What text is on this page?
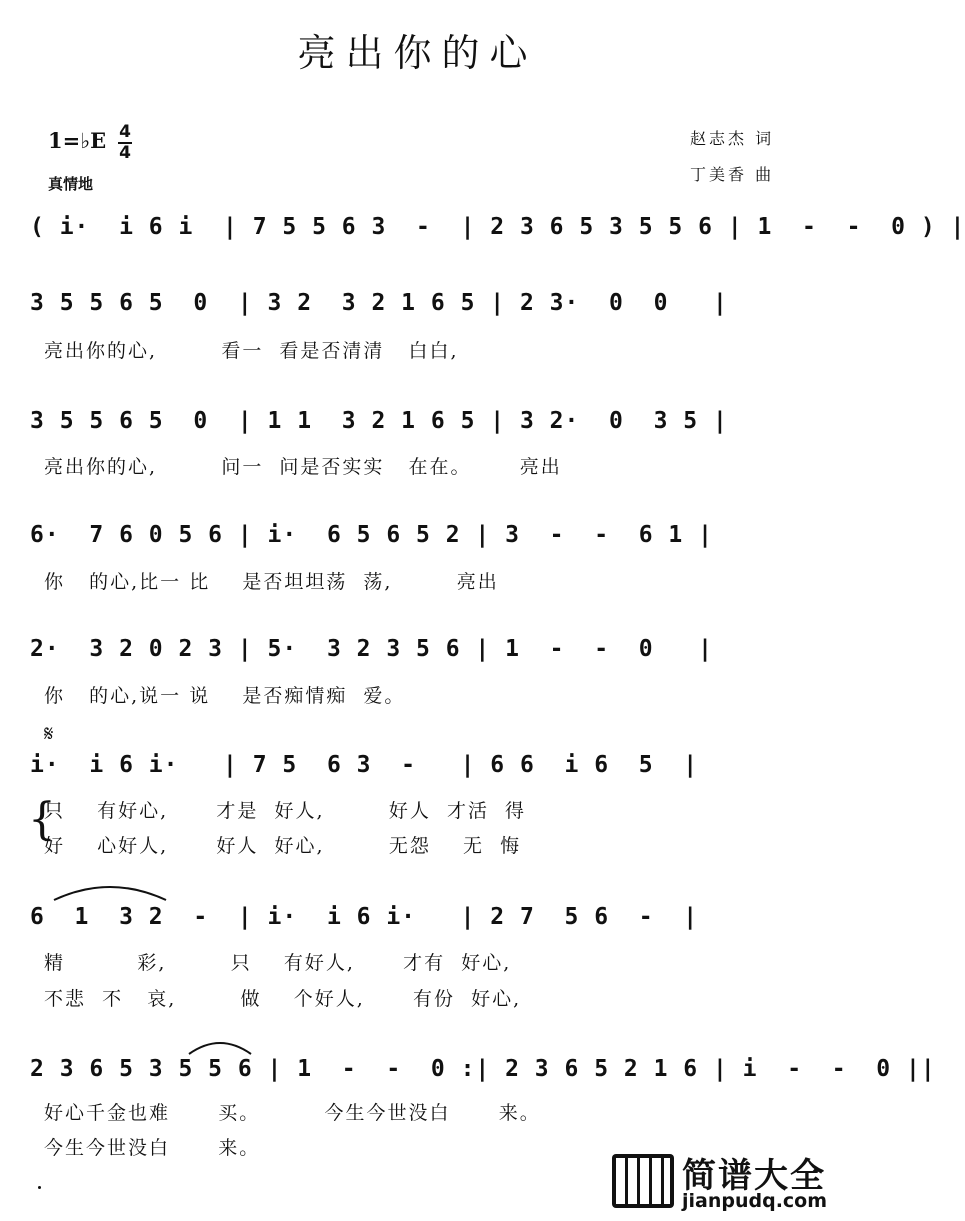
亮出你的心
1=♭E 4
4
真情地
赵志杰 词
丁美香 曲
( i·  i 6 i  | 7 5 5 6 3  -  | 2 3 6 5 3 5 5 6 | 1  -  -  0 ) |
3 5 5 6 5  0  | 3 2  3 2 1 6 5 | 2 3·  0  0   |
亮出你的心,        看一  看是否清清   白白,
3 5 5 6 5  0  | 1 1  3 2 1 6 5 | 3 2·  0  3 5 |
亮出你的心,        问一  问是否实实   在在。      亮出
6·  7 6 0 5 6 | i·  6 5 6 5 2 | 3  -  -  6 1 |
你   的心,比一 比    是否坦坦荡  荡,        亮出
2·  3 2 0 2 3 | 5·  3 2 3 5 6 | 1  -  -  0   |
你   的心,说一 说    是否痴情痴  爱。
𝄋
i·  i 6 i·   | 7 5  6 3  -   | 6 6  i 6  5  |
{
只    有好心,      才是  好人,        好人  才活  得
好    心好人,      好人  好心,        无怨    无  悔
6  1  3 2  -  | i·  i 6 i·   | 2 7  5 6  -  |
精         彩,        只    有好人,      才有  好心,
不悲  不   哀,        做    个好人,      有份  好心,
2 3 6 5 3 5 5 6 | 1  -  -  0 :| 2 3 6 5 2 1 6 | i  -  -  0 ||
好心千金也难      买。        今生今世没白      来。
今生今世没白      来。
简谱大全
jianpudq.com
